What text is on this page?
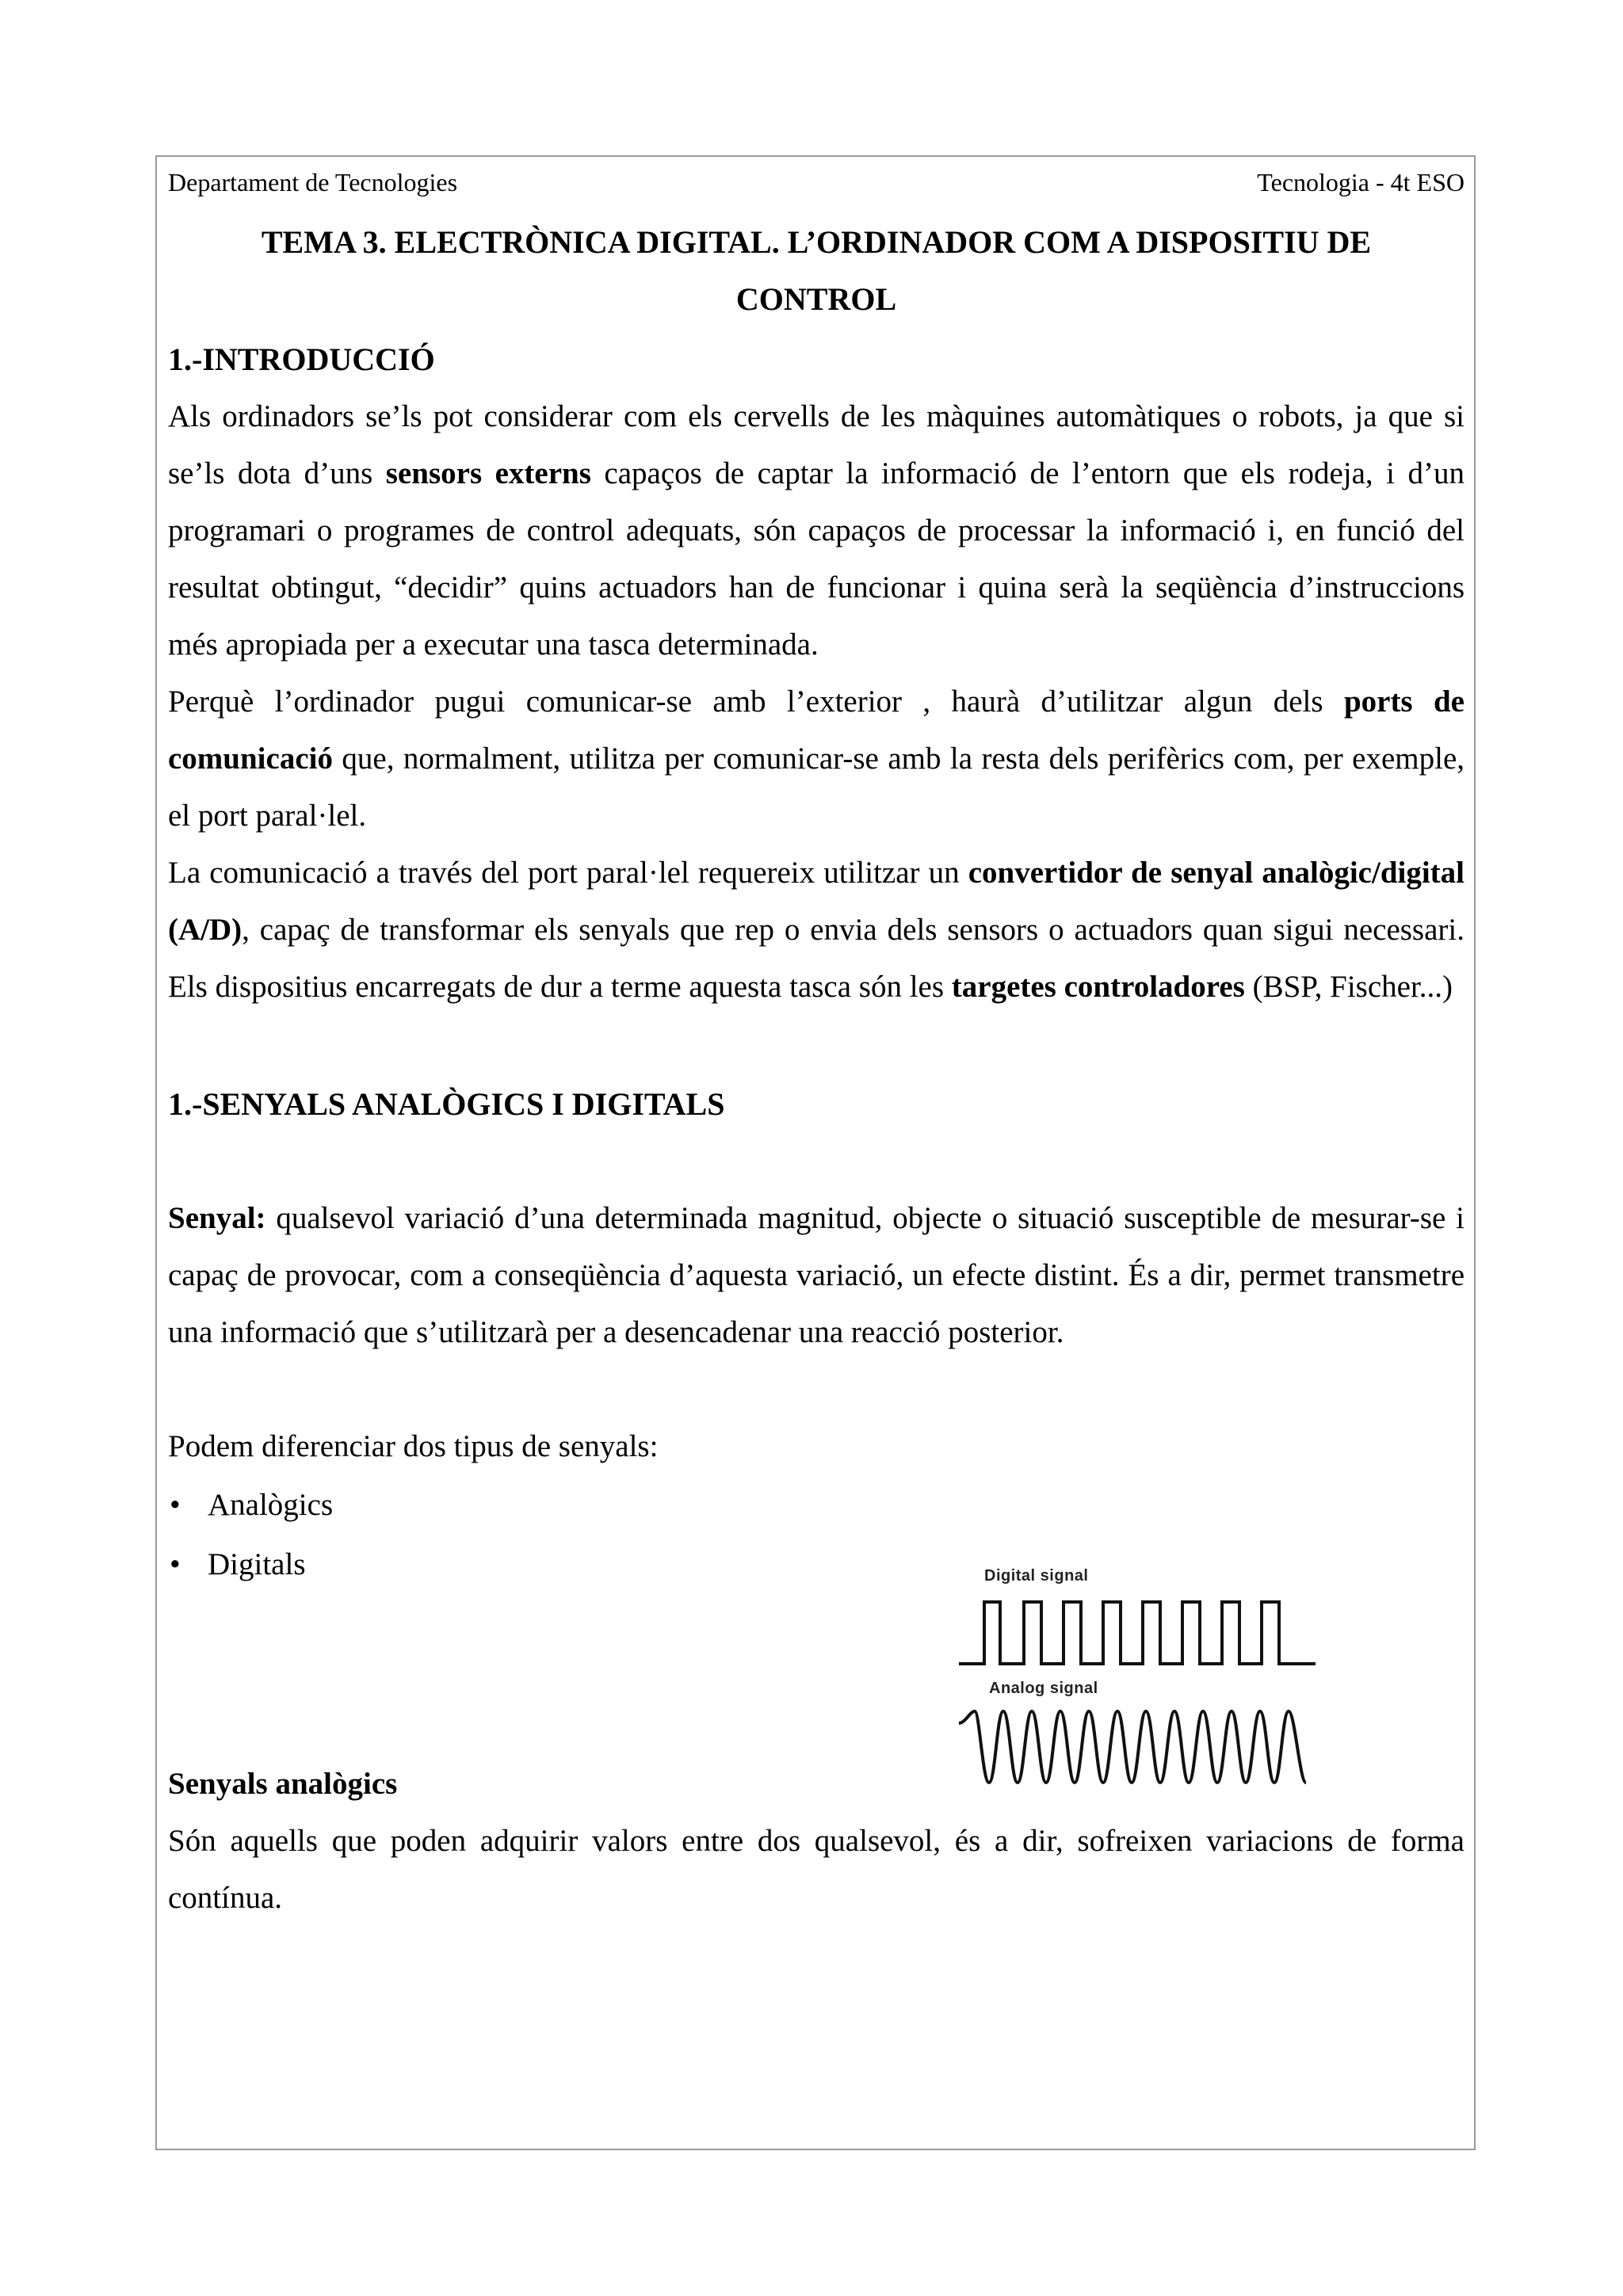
Departament de Tecnologies	Tecnologia - 4t ESO
TEMA 3. ELECTRÒNICA DIGITAL. L’ORDINADOR COM A DISPOSITIU DE
CONTROL
1.-INTRODUCCIÓ

Als ordinadors se’ls pot considerar com els cervells de les màquines automàtiques o robots, ja que si se’ls dota d’uns sensors externs capaços de captar la informació de l’entorn que els rodeja, i d’un programari o programes de control adequats, són capaços de processar la informació i, en funció del resultat obtingut, “decidir” quins actuadors han de funcionar i quina serà la seqüència d’instruccions més apropiada per a executar una tasca determinada.

Perquè l’ordinador pugui comunicar-se amb l’exterior , haurà d’utilitzar algun dels ports de comunicació que, normalment, utilitza per comunicar-se amb la resta dels perifèrics com, per exemple, el port paral·lel.

La comunicació a través del port paral·lel requereix utilitzar un convertidor de senyal analògic/digital (A/D), capaç de transformar els senyals que rep o envia dels sensors o actuadors quan sigui necessari. Els dispositius encarregats de dur a terme aquesta tasca són les targetes controladores (BSP, Fischer...)

1.-SENYALS ANALÒGICS I DIGITALS

Senyal: qualsevol variació d’una determinada magnitud, objecte o situació susceptible de mesurar-se i capaç de provocar, com a conseqüència d’aquesta variació, un efecte distint. És a dir, permet transmetre una informació que s’utilitzarà per a desencadenar una reacció posterior.

Podem diferenciar dos tipus de senyals:

• Analògics
• Digitals
Senyals analògics

Són aquells que poden adquirir valors entre dos qualsevol, és a dir, sofreixen variacions de forma contínua.

Digital signal
Analog signal
